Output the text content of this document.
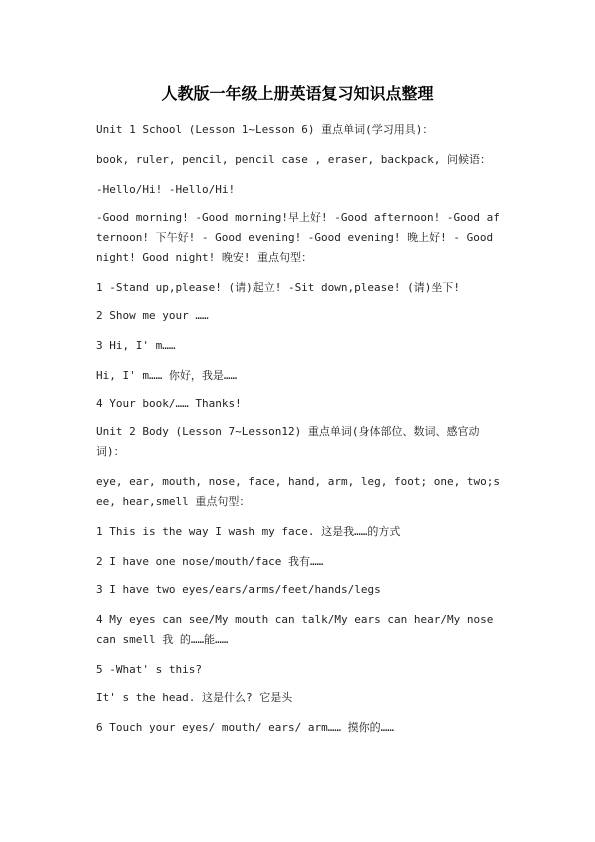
人教版一年级上册英语复习知识点整理
Unit 1 School (Lesson 1~Lesson 6) 重点单词(学习用具)：
book, ruler, pencil, pencil case , eraser, backpack, 问候语：
-Hello/Hi! -Hello/Hi!
-Good morning! -Good morning!早上好! -Good afternoon! -Good afternoon! 下午好! - Good evening! -Good evening! 晚上好! - Good night! Good night! 晚安! 重点句型：
1 -Stand up,please! (请)起立! -Sit down,please! (请)坐下!
2 Show me your ……
3 Hi, I' m……
Hi, I' m…… 你好，我是……
4 Your book/…… Thanks!
Unit 2 Body (Lesson 7~Lesson12) 重点单词(身体部位、数词、感官动词)：
eye, ear, mouth, nose, face, hand, arm, leg, foot; one, two;see, hear,smell 重点句型：
1 This is the way I wash my face. 这是我……的方式
2 I have one nose/mouth/face 我有……
3 I have two eyes/ears/arms/feet/hands/legs
4 My eyes can see/My mouth can talk/My ears can hear/My nose can smell 我 的……能……
5 -What' s this?
It' s the head. 这是什么? 它是头
6 Touch your eyes/ mouth/ ears/ arm…… 摸你的……
